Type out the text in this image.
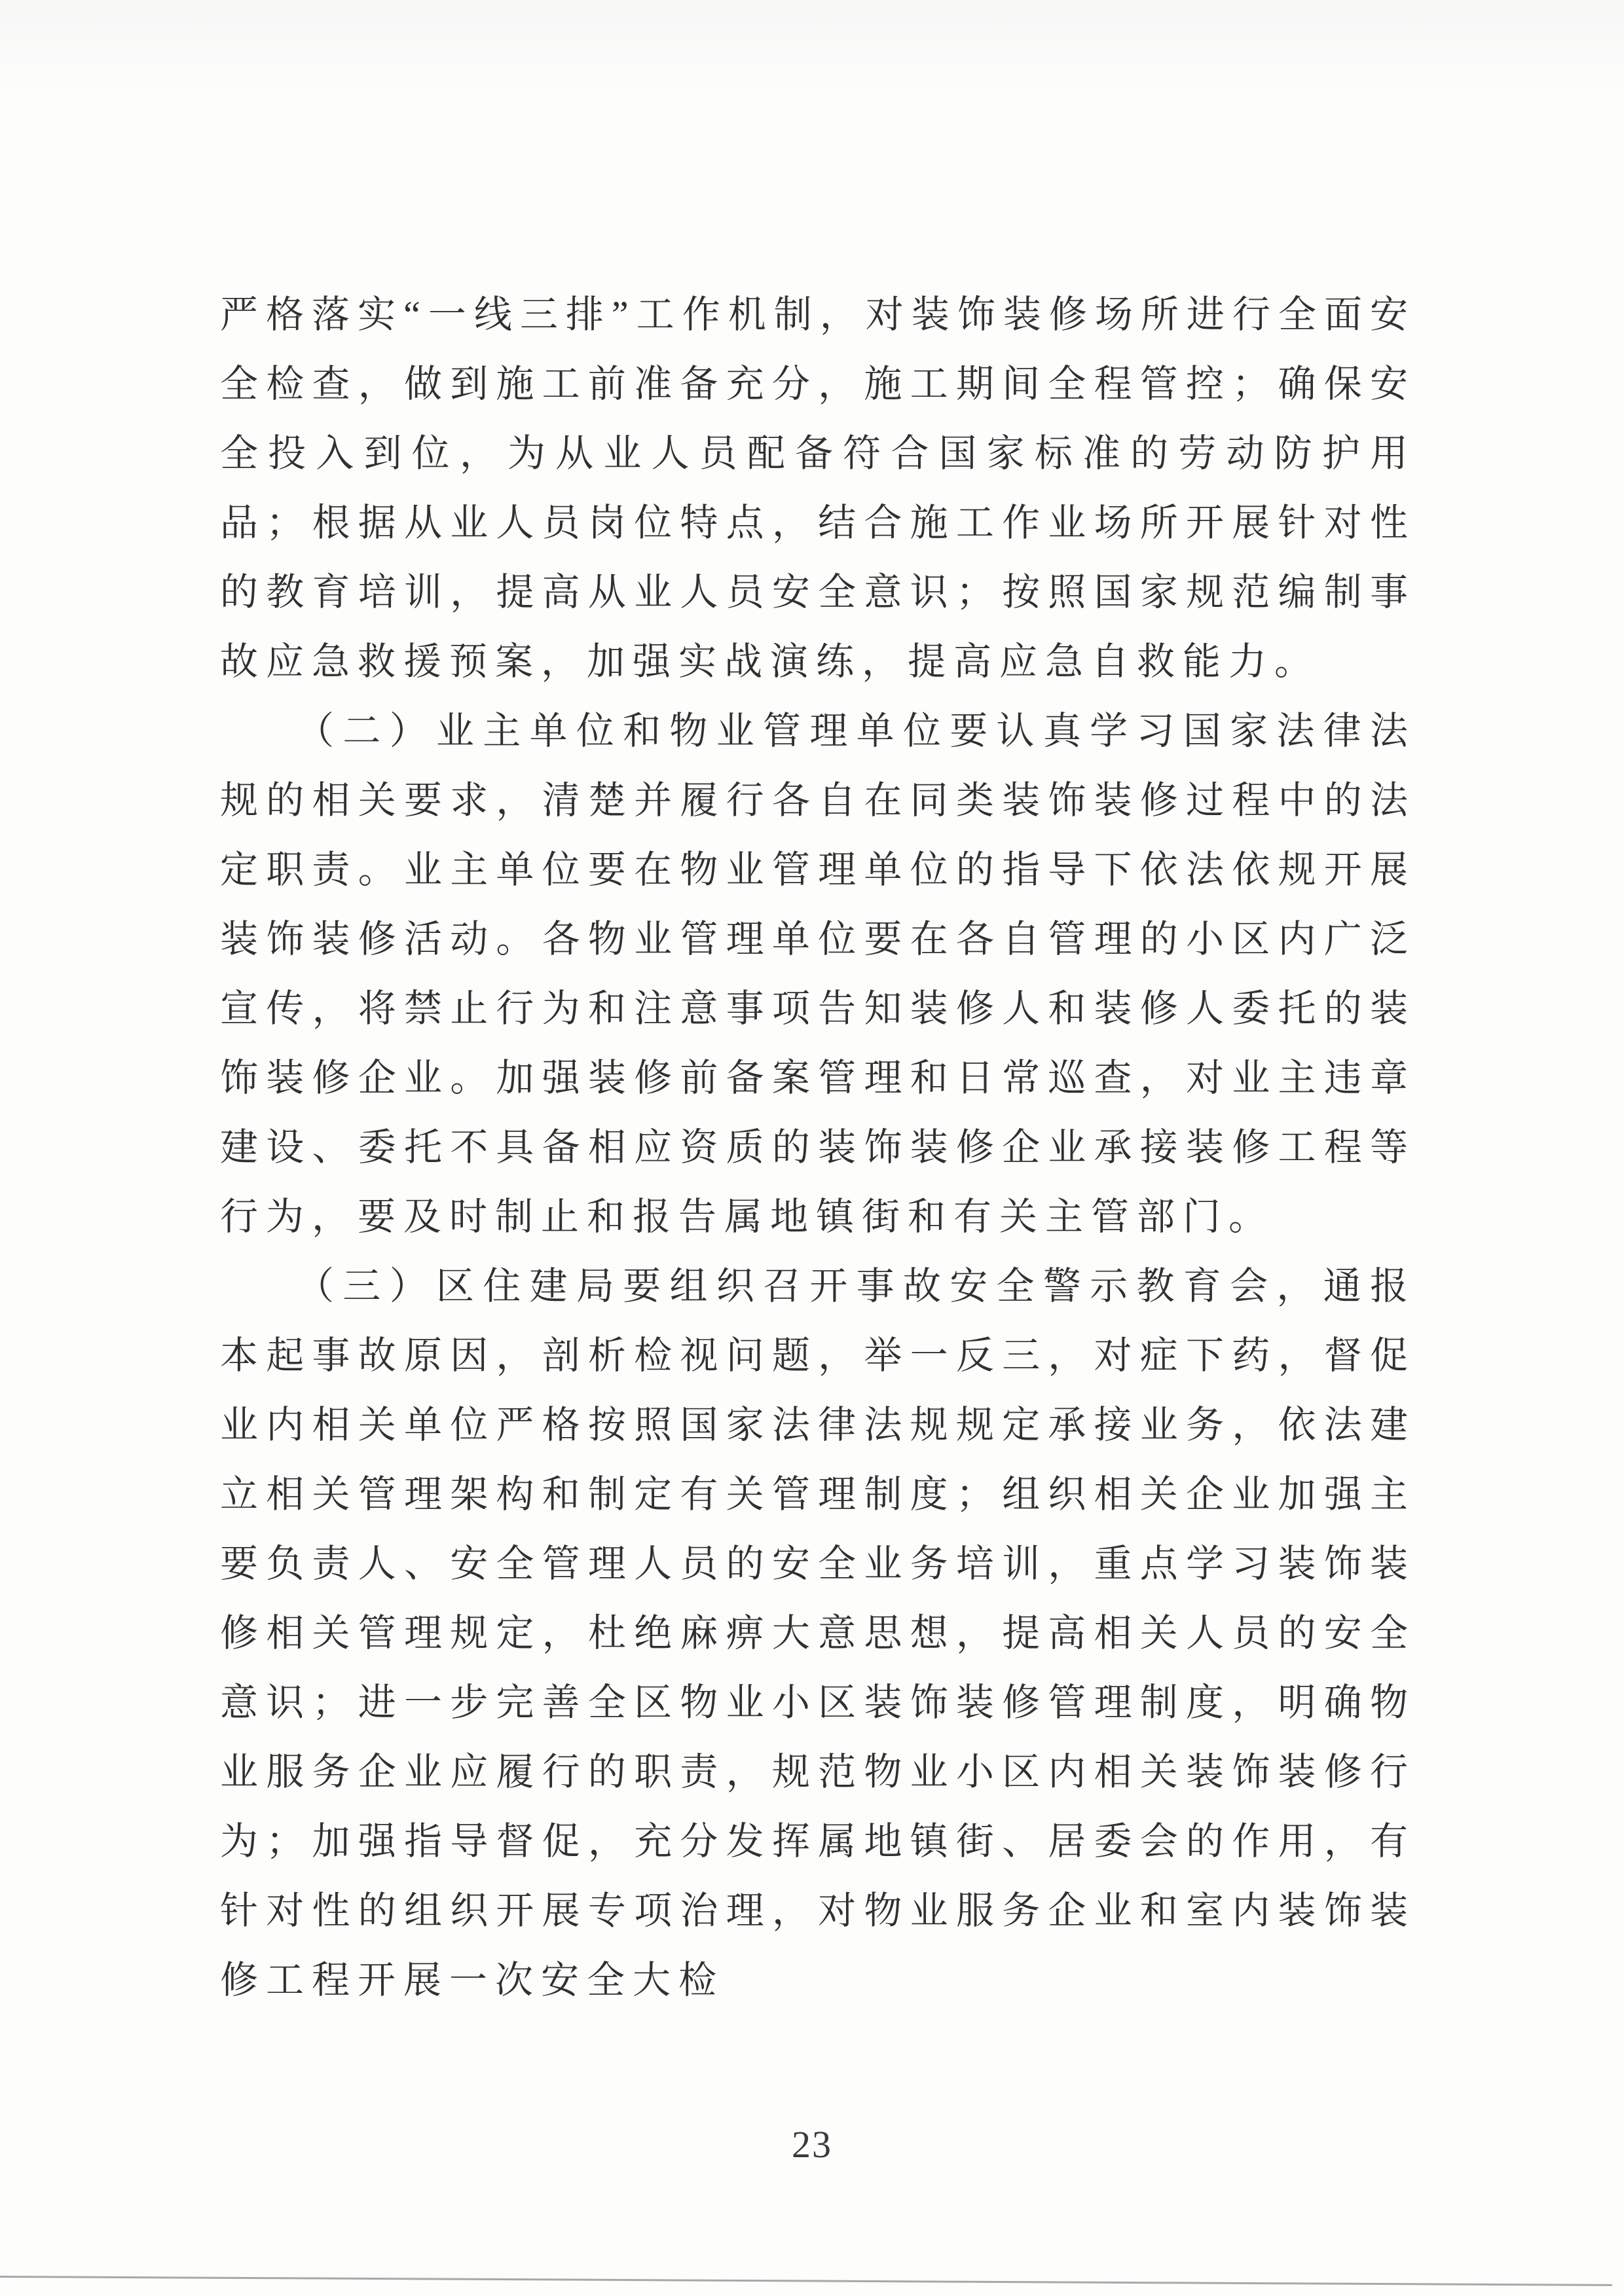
严格落实“一线三排”工作机制，对装饰装修场所进行全面安全检查，做到施工前准备充分，施工期间全程管控；确保安全投入到位，为从业人员配备符合国家标准的劳动防护用品；根据从业人员岗位特点，结合施工作业场所开展针对性的教育培训，提高从业人员安全意识；按照国家规范编制事故应急救援预案，加强实战演练，提高应急自救能力。

（二）业主单位和物业管理单位要认真学习国家法律法规的相关要求，清楚并履行各自在同类装饰装修过程中的法定职责。业主单位要在物业管理单位的指导下依法依规开展装饰装修活动。各物业管理单位要在各自管理的小区内广泛宣传，将禁止行为和注意事项告知装修人和装修人委托的装饰装修企业。加强装修前备案管理和日常巡查，对业主违章建设、委托不具备相应资质的装饰装修企业承接装修工程等行为，要及时制止和报告属地镇街和有关主管部门。

（三）区住建局要组织召开事故安全警示教育会，通报本起事故原因，剖析检视问题，举一反三，对症下药，督促业内相关单位严格按照国家法律法规规定承接业务，依法建立相关管理架构和制定有关管理制度；组织相关企业加强主要负责人、安全管理人员的安全业务培训，重点学习装饰装修相关管理规定，杜绝麻痹大意思想，提高相关人员的安全意识；进一步完善全区物业小区装饰装修管理制度，明确物业服务企业应履行的职责，规范物业小区内相关装饰装修行为；加强指导督促，充分发挥属地镇街、居委会的作用，有针对性的组织开展专项治理，对物业服务企业和室内装饰装修工程开展一次安全大检

23
